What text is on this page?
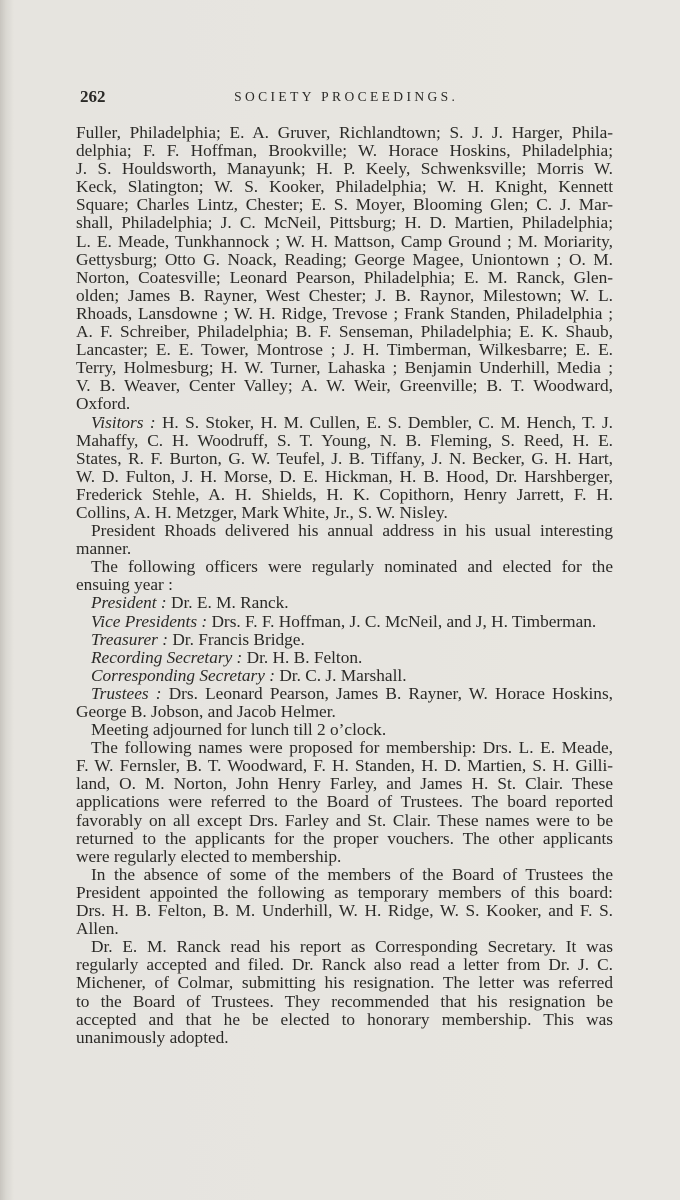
262	SOCIETY PROCEEDINGS.
Fuller, Philadelphia; E. A. Gruver, Richlandtown; S. J. J. Harger, Phila-
delphia; F. F. Hoffman, Brookville; W. Horace Hoskins, Philadelphia;
J. S. Houldsworth, Manayunk; H. P. Keely, Schwenksville; Morris W.
Keck, Slatington; W. S. Kooker, Philadelphia; W. H. Knight, Kennett
Square; Charles Lintz, Chester; E. S. Moyer, Blooming Glen; C. J. Mar-
shall, Philadelphia; J. C. McNeil, Pittsburg; H. D. Martien, Philadelphia;
L. E. Meade, Tunkhannock ; W. H. Mattson, Camp Ground ; M. Moriarity,
Gettysburg; Otto G. Noack, Reading; George Magee, Uniontown ; O. M.
Norton, Coatesville; Leonard Pearson, Philadelphia; E. M. Ranck, Glen-
olden; James B. Rayner, West Chester; J. B. Raynor, Milestown; W. L.
Rhoads, Lansdowne ; W. H. Ridge, Trevose ; Frank Standen, Philadelphia ;
A. F. Schreiber, Philadelphia; B. F. Senseman, Philadelphia; E. K. Shaub,
Lancaster; E. E. Tower, Montrose ; J. H. Timberman, Wilkesbarre; E. E.
Terry, Holmesburg; H. W. Turner, Lahaska ; Benjamin Underhill, Media ;
V. B. Weaver, Center Valley; A. W. Weir, Greenville; B. T. Woodward,
Oxford.
Visitors : H. S. Stoker, H. M. Cullen, E. S. Dembler, C. M. Hench, T. J.
Mahaffy, C. H. Woodruff, S. T. Young, N. B. Fleming, S. Reed, H. E.
States, R. F. Burton, G. W. Teufel, J. B. Tiffany, J. N. Becker, G. H. Hart,
W. D. Fulton, J. H. Morse, D. E. Hickman, H. B. Hood, Dr. Harshberger,
Frederick Stehle, A. H. Shields, H. K. Copithorn, Henry Jarrett, F. H.
Collins, A. H. Metzger, Mark White, Jr., S. W. Nisley.
President Rhoads delivered his annual address in his usual interesting
manner.
The following officers were regularly nominated and elected for the
ensuing year :
President : Dr. E. M. Ranck.
Vice Presidents : Drs. F. F. Hoffman, J. C. McNeil, and J, H. Timberman.
Treasurer : Dr. Francis Bridge.
Recording Secretary : Dr. H. B. Felton.
Corresponding Secretary : Dr. C. J. Marshall.
Trustees : Drs. Leonard Pearson, James B. Rayner, W. Horace Hoskins,
George B. Jobson, and Jacob Helmer.
Meeting adjourned for lunch till 2 o’clock.
The following names were proposed for membership: Drs. L. E. Meade,
F. W. Fernsler, B. T. Woodward, F. H. Standen, H. D. Martien, S. H. Gilli-
land, O. M. Norton, John Henry Farley, and James H. St. Clair. These
applications were referred to the Board of Trustees. The board reported
favorably on all except Drs. Farley and St. Clair. These names were to be
returned to the applicants for the proper vouchers. The other applicants
were regularly elected to membership.
In the absence of some of the members of the Board of Trustees the
President appointed the following as temporary members of this board:
Drs. H. B. Felton, B. M. Underhill, W. H. Ridge, W. S. Kooker, and F. S.
Allen.
Dr. E. M. Ranck read his report as Corresponding Secretary. It was
regularly accepted and filed. Dr. Ranck also read a letter from Dr. J. C.
Michener, of Colmar, submitting his resignation. The letter was referred
to the Board of Trustees. They recommended that his resignation be
accepted and that he be elected to honorary membership. This was
unanimously adopted.
